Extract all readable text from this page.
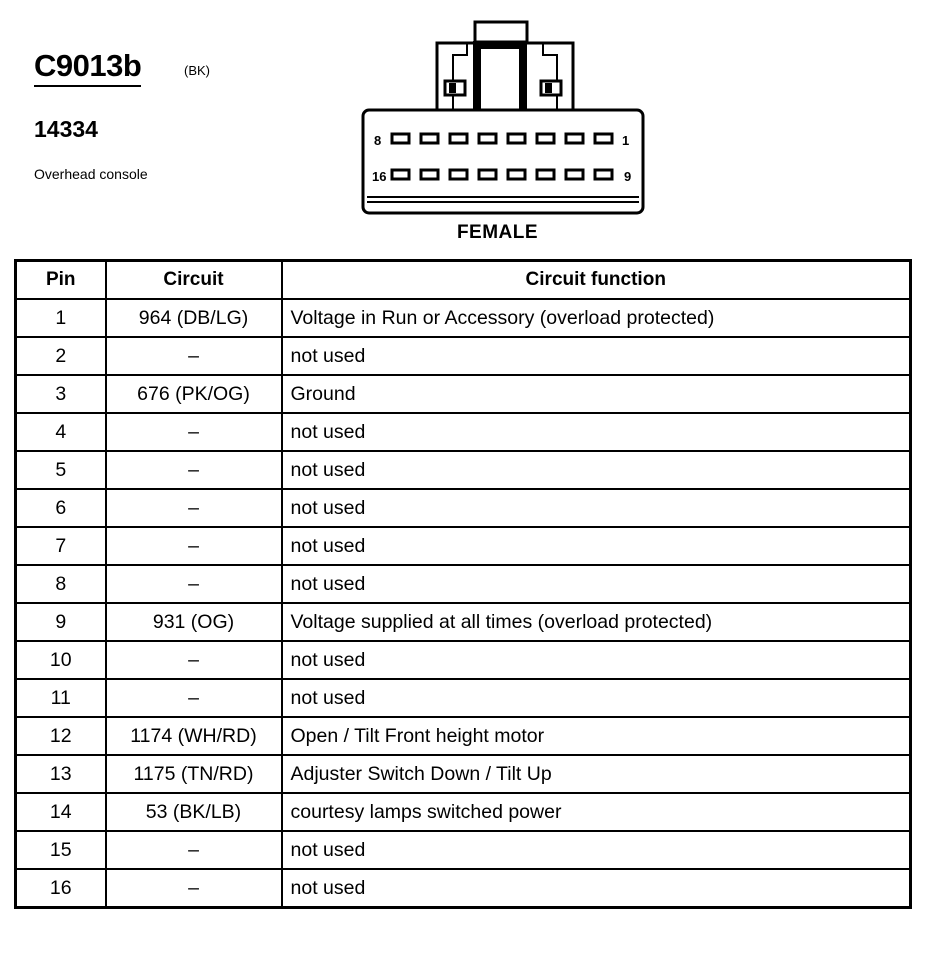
C9013b	(BK)
14334
Overhead console
8	1
16	9
FEMALE
Pin	Circuit	Circuit function
1	964 (DB/LG)	Voltage in Run or Accessory (overload protected)
2	–	not used
3	676 (PK/OG)	Ground
4	–	not used
5	–	not used
6	–	not used
7	–	not used
8	–	not used
9	931 (OG)	Voltage supplied at all times (overload protected)
10	–	not used
11	–	not used
12	1174 (WH/RD)	Open / Tilt Front height motor
13	1175 (TN/RD)	Adjuster Switch Down / Tilt Up
14	53 (BK/LB)	courtesy lamps switched power
15	–	not used
16	–	not used
